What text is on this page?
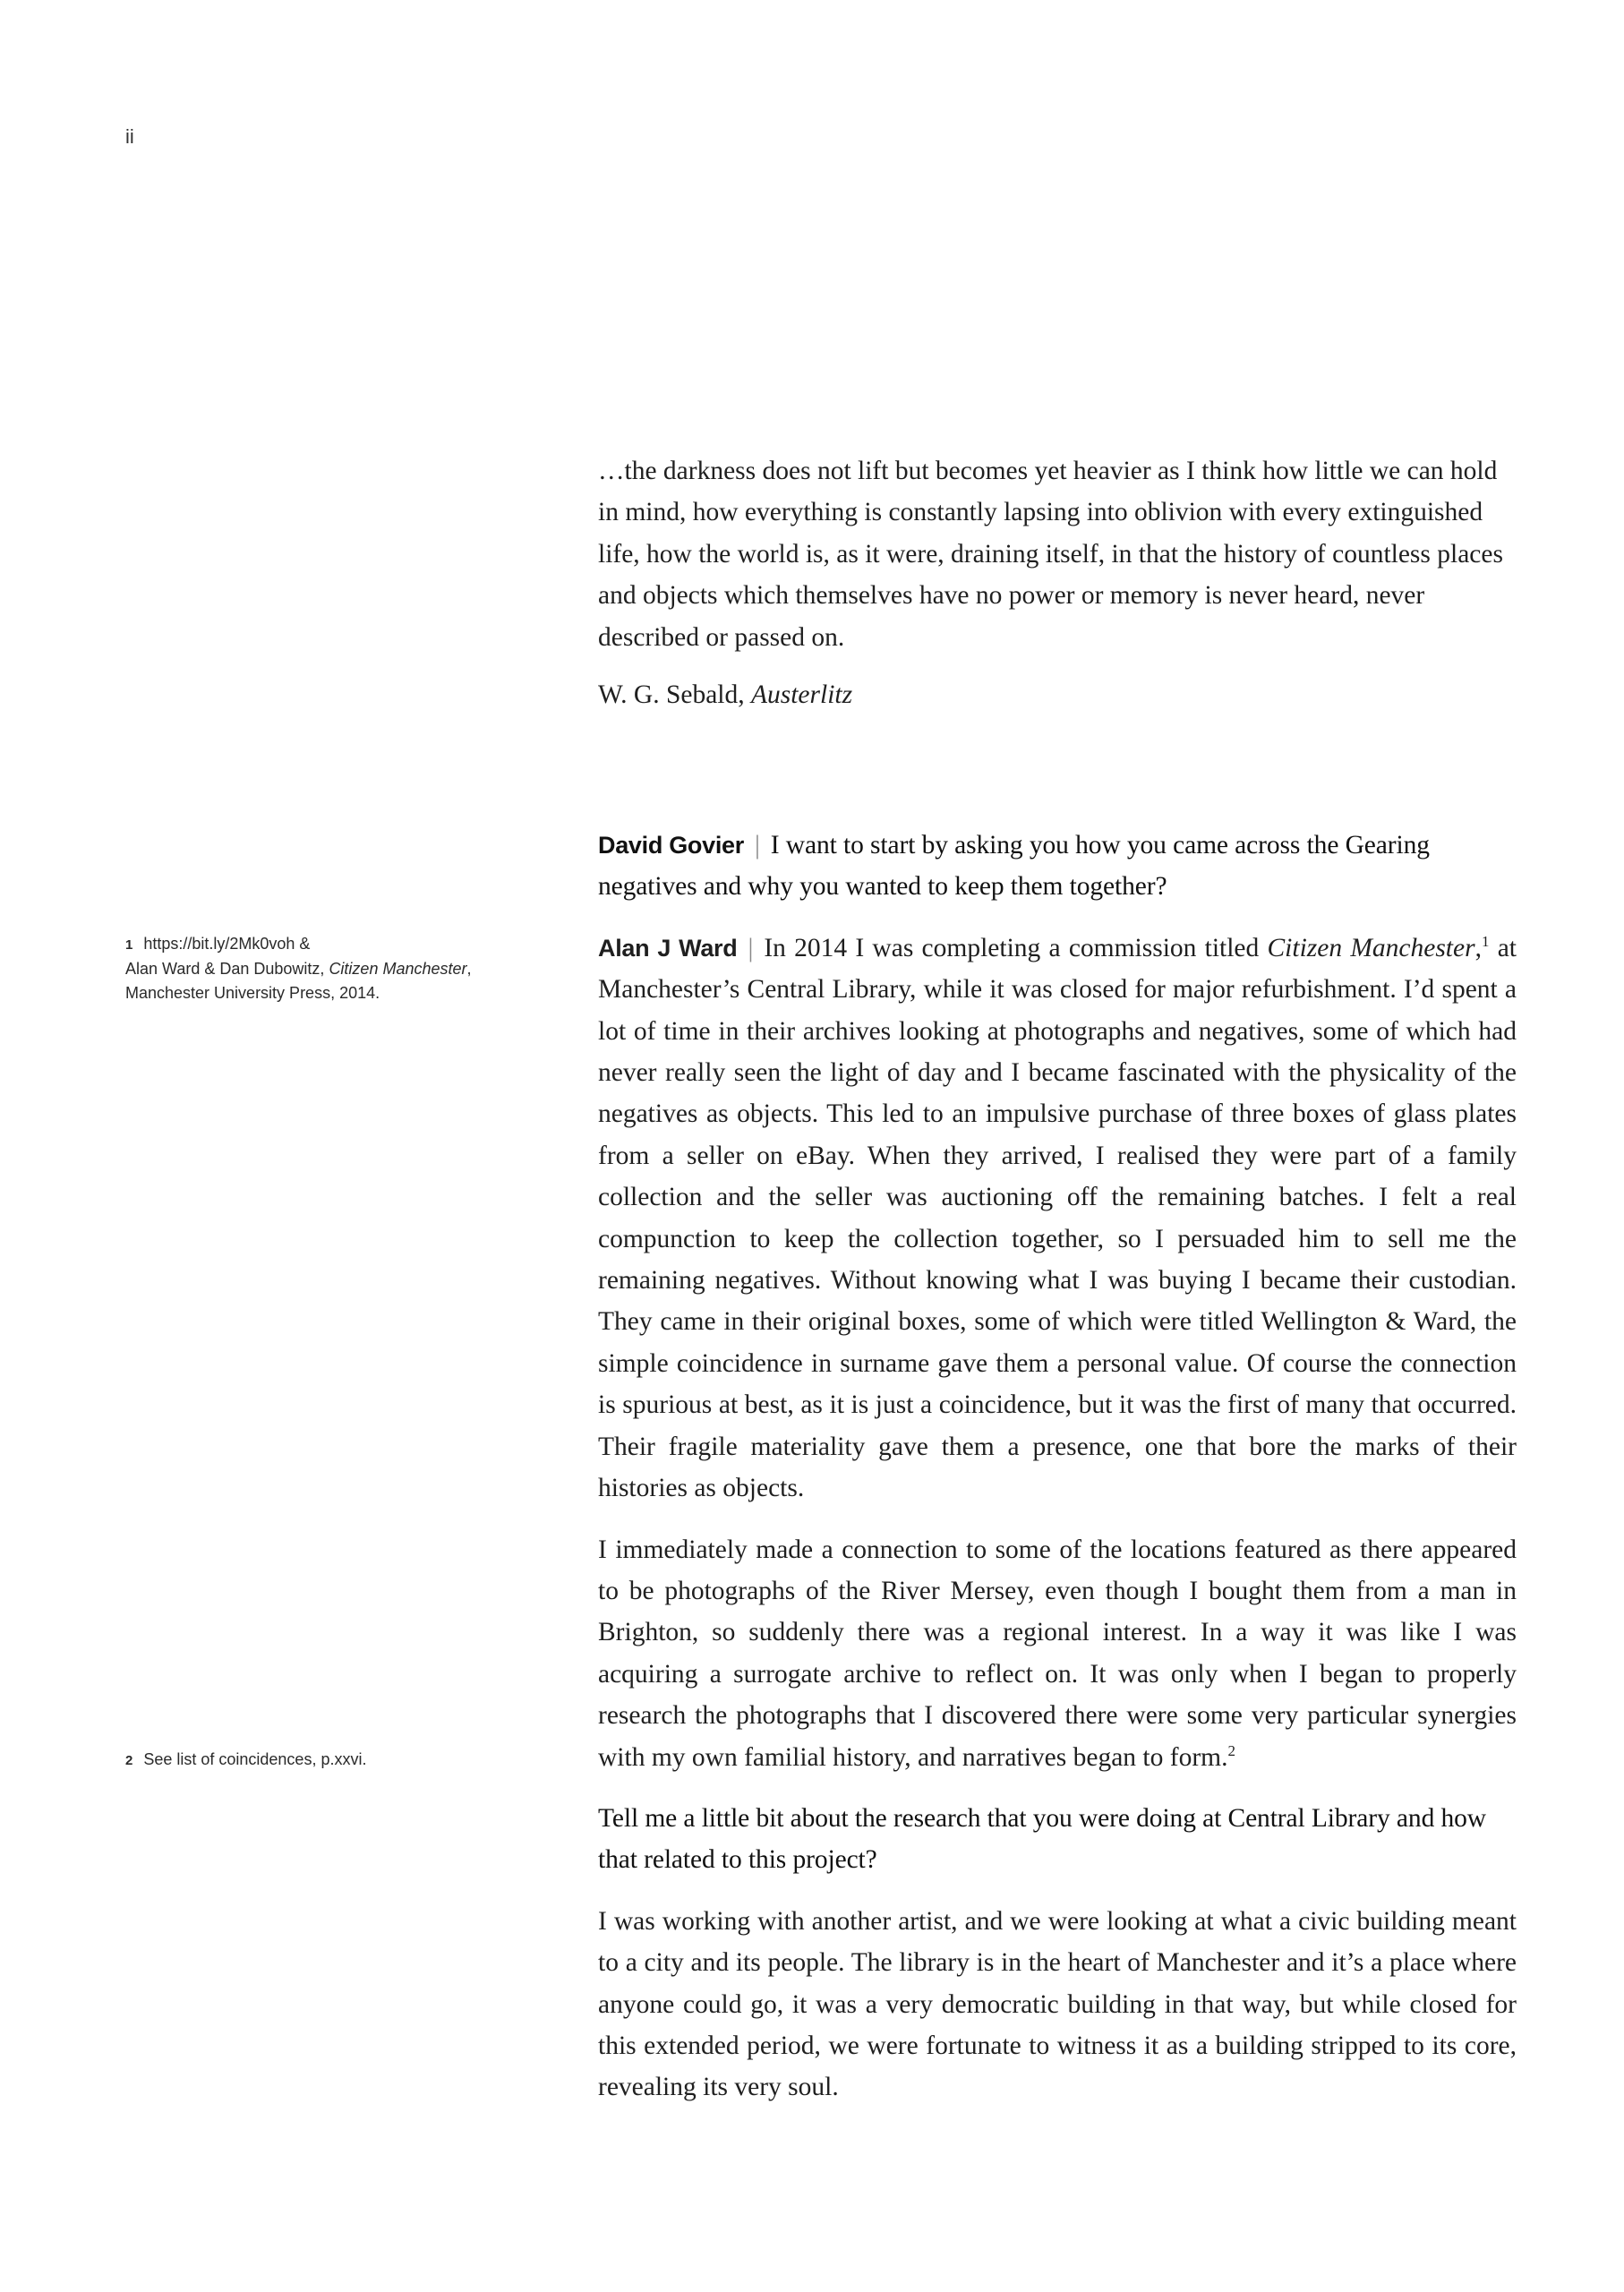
ii

…the darkness does not lift but becomes yet heavier as I think how little we can hold in mind, how everything is constantly lapsing into oblivion with every extinguished life, how the world is, as it were, draining itself, in that the history of countless places and objects which themselves have no power or memory is never heard, never described or passed on.

W. G. Sebald, Austerlitz

David Govier | I want to start by asking you how you came across the Gearing negatives and why you wanted to keep them together?

Alan J Ward | In 2014 I was completing a commission titled Citizen Manchester,$^1$ at Manchester’s Central Library, while it was closed for major refurbishment. I’d spent a lot of time in their archives looking at photographs and negatives, some of which had never really seen the light of day and I became fascinated with the physicality of the negatives as objects. This led to an impulsive purchase of three boxes of glass plates from a seller on eBay. When they arrived, I realised they were part of a family collection and the seller was auctioning off the remaining batches. I felt a real compunction to keep the collection together, so I persuaded him to sell me the remaining negatives. Without knowing what I was buying I became their custodian. They came in their original boxes, some of which were titled Wellington & Ward, the simple coincidence in surname gave them a personal value. Of course the connection is spurious at best, as it is just a coincidence, but it was the first of many that occurred. Their fragile materiality gave them a presence, one that bore the marks of their histories as objects.

I immediately made a connection to some of the locations featured as there appeared to be photographs of the River Mersey, even though I bought them from a man in Brighton, so suddenly there was a regional interest. In a way it was like I was acquiring a surrogate archive to reflect on. It was only when I began to properly research the photographs that I discovered there were some very particular synergies with my own familial history, and narratives began to form.$^2$

Tell me a little bit about the research that you were doing at Central Library and how that related to this project?

I was working with another artist, and we were looking at what a civic building meant to a city and its people. The library is in the heart of Manchester and it’s a place where anyone could go, it was a very democratic building in that way, but while closed for this extended period, we were fortunate to witness it as a building stripped to its core, revealing its very soul.

1 https://bit.ly/2Mk0voh &
Alan Ward & Dan Dubowitz, Citizen Manchester,
Manchester University Press, 2014.
2 See list of coincidences, p.xxvi.
